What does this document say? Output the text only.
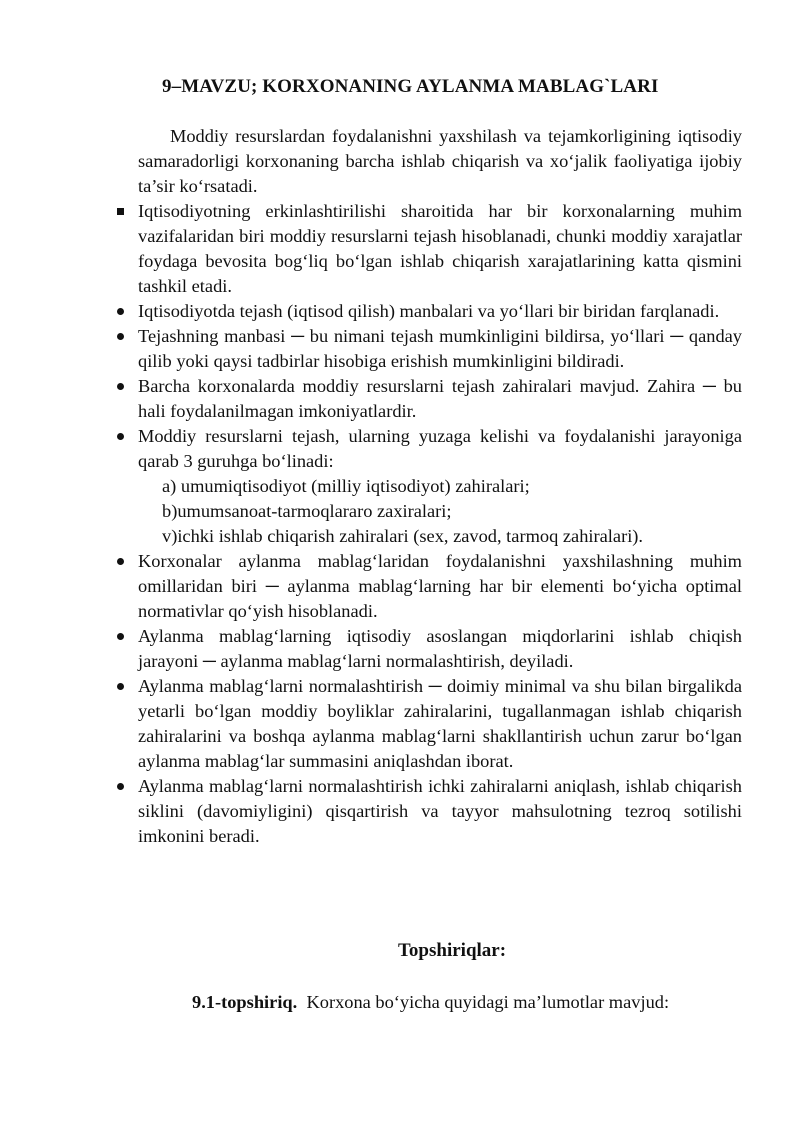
9–MAVZU; KORXONANING AYLANMA MABLAG`LARI
Moddiy resurslardan foydalanishni yaxshilash va tejamkorligining iqtisodiy samaradorligi korxonaning barcha ishlab chiqarish va xo‘jalik faoliyatiga ijobiy ta’sir ko‘rsatadi.
Iqtisodiyotning erkinlashtirilishi sharoitida har bir korxonalarning muhim vazifalaridan biri moddiy resurslarni tejash hisoblanadi, chunki moddiy xarajatlar foydaga bevosita bog‘liq bo‘lgan ishlab chiqarish xarajatlarining katta qismini tashkil etadi.
Iqtisodiyotda tejash (iqtisod qilish) manbalari va yo‘llari bir biridan farqlanadi.
Tejashning manbasi ─ bu nimani tejash mumkinligini bildirsa, yo‘llari ─ qanday qilib yoki qaysi tadbirlar hisobiga erishish mumkinligini bildiradi.
Barcha korxonalarda moddiy resurslarni tejash zahiralari mavjud. Zahira ─ bu hali foydalanilmagan imkoniyatlardir.
Moddiy resurslarni tejash, ularning yuzaga kelishi va foydalanishi jarayoniga qarab 3 guruhga bo‘linadi:
a) umumiqtisodiyot (milliy iqtisodiyot) zahiralari;
b)umumsanoat-tarmoqlararo zaxiralari;
v)ichki ishlab chiqarish zahiralari (sex, zavod, tarmoq zahiralari).
Korxonalar aylanma mablag‘laridan foydalanishni yaxshilashning muhim omillaridan biri ─ aylanma mablag‘larning har bir elementi bo‘yicha optimal normativlar qo‘yish hisoblanadi.
Aylanma mablag‘larning iqtisodiy asoslangan miqdorlarini ishlab chiqish jarayoni ─ aylanma mablag‘larni normalashtirish, deyiladi.
Aylanma mablag‘larni normalashtirish ─ doimiy minimal va shu bilan birgalikda yetarli bo‘lgan moddiy boyliklar zahiralarini, tugallanmagan ishlab chiqarish zahiralarini va boshqa aylanma mablag‘larni shakllantirish uchun zarur bo‘lgan aylanma mablag‘lar summasini aniqlashdan iborat.
Aylanma mablag‘larni normalashtirish ichki zahiralarni aniqlash, ishlab chiqarish siklini (davomiyligini) qisqartirish va tayyor mahsulotning tezroq sotilishi imkonini beradi.
Topshiriqlar:
9.1-topshiriq. Korxona bo‘yicha quyidagi ma’lumotlar mavjud:
